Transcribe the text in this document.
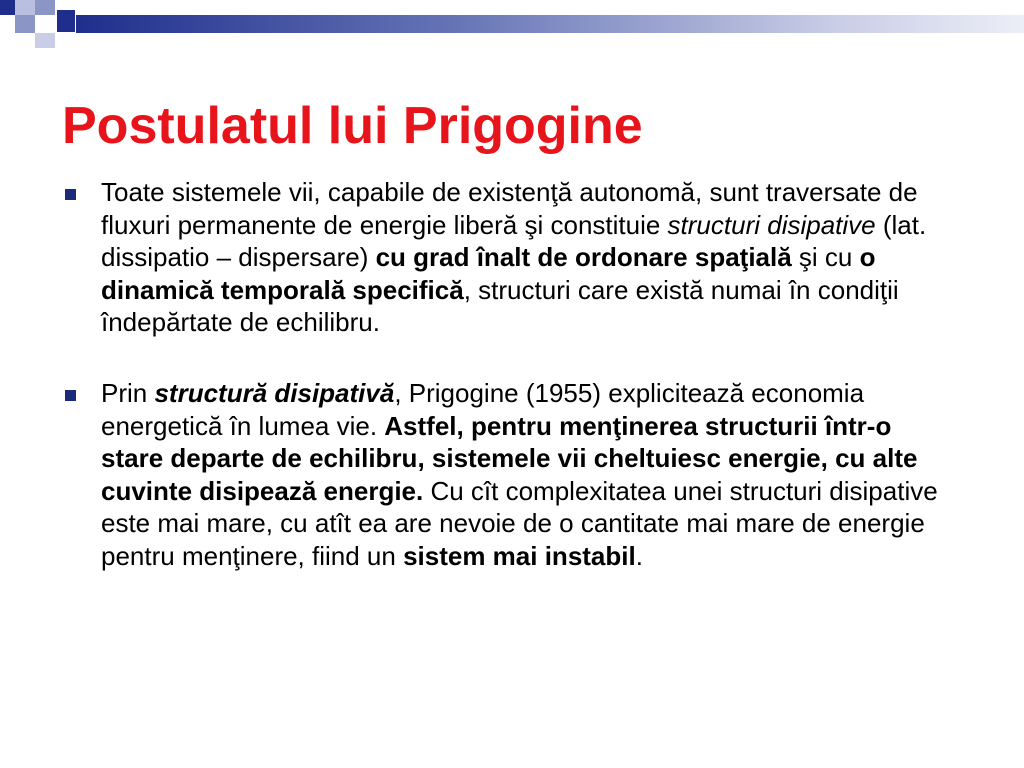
Postulatul lui Prigogine
Toate sistemele vii, capabile de existenţă autonomă, sunt traversate de fluxuri permanente de energie liberă şi constituie structuri disipative (lat. dissipatio – dispersare) cu grad înalt de ordonare spaţială şi cu o dinamică temporală specifică, structuri care există numai în condiţii îndepărtate de echilibru.
Prin structură disipativă, Prigogine (1955) explicitează economia energetică în lumea vie. Astfel, pentru menţinerea structurii într-o stare departe de echilibru, sistemele vii cheltuiesc energie, cu alte cuvinte disipează energie. Cu cît complexitatea unei structuri disipative este mai mare, cu atît ea are nevoie de o cantitate mai mare de energie pentru menţinere, fiind un sistem mai instabil.
